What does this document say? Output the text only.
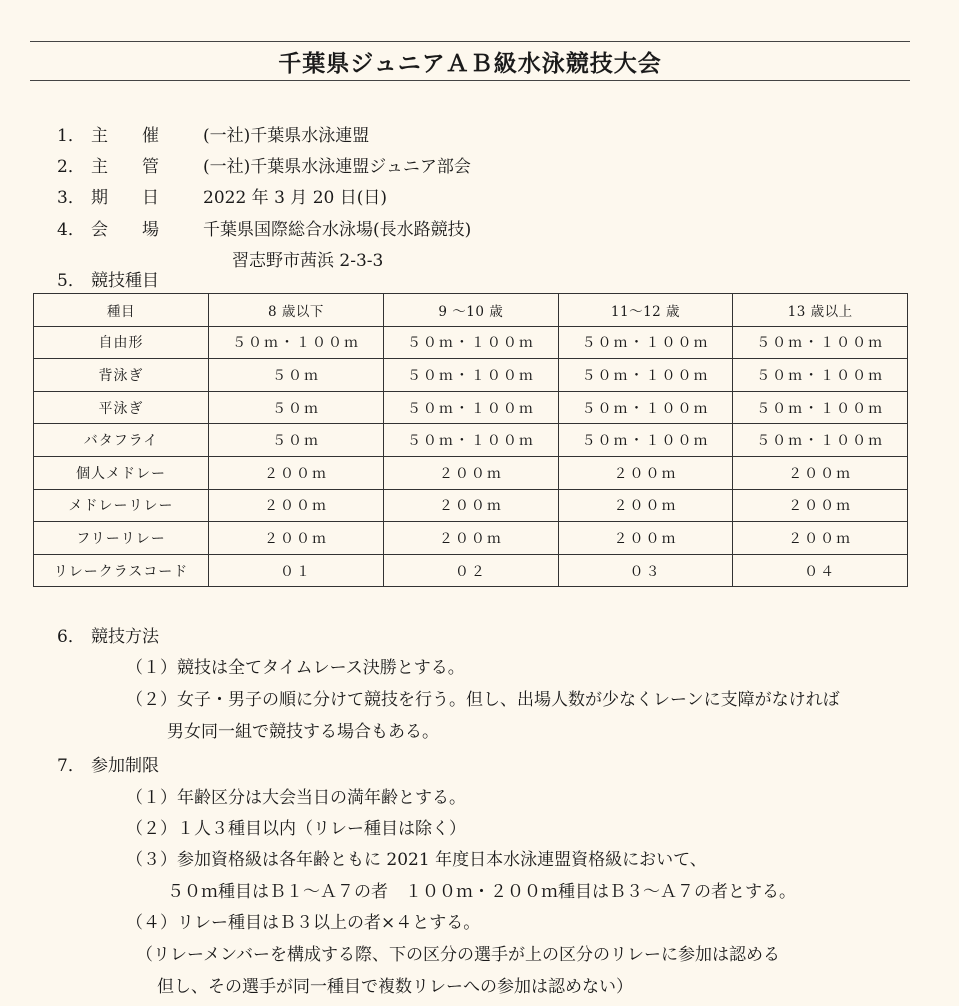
千葉県ジュニアＡＢ級水泳競技大会
1． 主　　催	(一社)千葉県水泳連盟
2． 主　　管	(一社)千葉県水泳連盟ジュニア部会
3． 期　　日	2022 年 3 月 20 日(日)
4． 会　　場	千葉県国際総合水泳場(長水路競技)
習志野市茜浜 2-3-3
5． 競技種目
種目	8 歳以下	9 〜10 歳	11〜12 歳	13 歳以上
自由形	５０ｍ・１００ｍ	５０ｍ・１００ｍ	５０ｍ・１００ｍ	５０ｍ・１００ｍ
背泳ぎ	５０ｍ	５０ｍ・１００ｍ	５０ｍ・１００ｍ	５０ｍ・１００ｍ
平泳ぎ	５０ｍ	５０ｍ・１００ｍ	５０ｍ・１００ｍ	５０ｍ・１００ｍ
バタフライ	５０ｍ	５０ｍ・１００ｍ	５０ｍ・１００ｍ	５０ｍ・１００ｍ
個人メドレー	２００ｍ	２００ｍ	２００ｍ	２００ｍ
メドレーリレー	２００ｍ	２００ｍ	２００ｍ	２００ｍ
フリーリレー	２００ｍ	２００ｍ	２００ｍ	２００ｍ
リレークラスコード	０１	０２	０３	０４
6． 競技方法
（１）競技は全てタイムレース決勝とする。
（２）女子・男子の順に分けて競技を行う。但し、出場人数が少なくレーンに支障がなければ
男女同一組で競技する場合もある。
7． 参加制限
（１）年齢区分は大会当日の満年齢とする。
（２）１人３種目以内（リレー種目は除く）
（３）参加資格級は各年齢ともに 2021 年度日本水泳連盟資格級において、
５０ｍ種目はＢ１〜Ａ７の者　１００ｍ・２００ｍ種目はＢ３〜Ａ７の者とする。
（４）リレー種目はＢ３以上の者×４とする。
（リレーメンバーを構成する際、下の区分の選手が上の区分のリレーに参加は認める
但し、その選手が同一種目で複数リレーへの参加は認めない）
